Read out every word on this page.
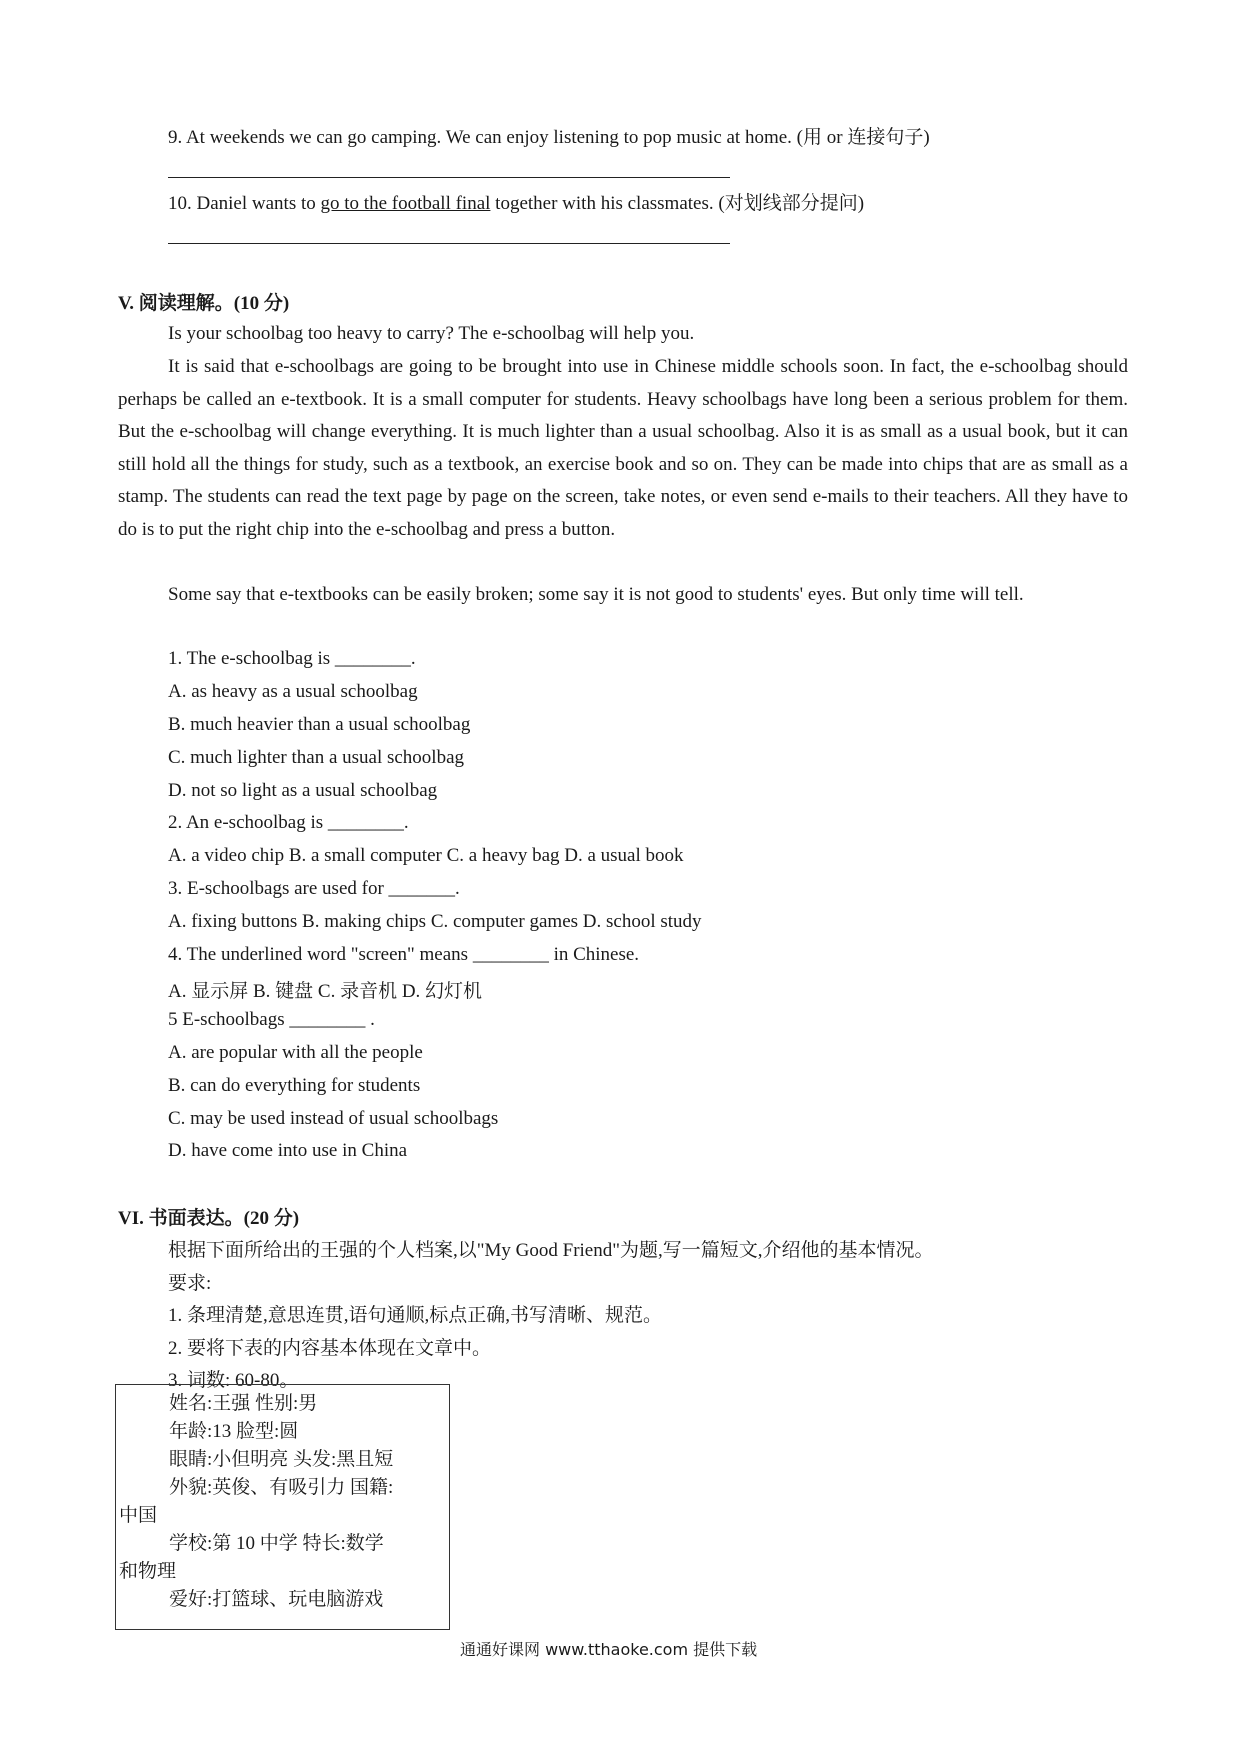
9. At weekends we can go camping. We can enjoy listening to pop music at home. (用 or 连接句子)
10. Daniel wants to go to the football final together with his classmates. (对划线部分提问)
V. 阅读理解。(10 分)
Is your schoolbag too heavy to carry? The e-schoolbag will help you.
It is said that e-schoolbags are going to be brought into use in Chinese middle schools soon. In fact, the e-schoolbag should perhaps be called an e-textbook. It is a small computer for students. Heavy schoolbags have long been a serious problem for them. But the e-schoolbag will change everything. It is much lighter than a usual schoolbag. Also it is as small as a usual book, but it can still hold all the things for study, such as a textbook, an exercise book and so on. They can be made into chips that are as small as a stamp. The students can read the text page by page on the screen, take notes, or even send e-mails to their teachers. All they have to do is to put the right chip into the e-schoolbag and press a button.
Some say that e-textbooks can be easily broken; some say it is not good to students' eyes. But only time will tell.
1. The e-schoolbag is ________.
A. as heavy as a usual schoolbag
B. much heavier than a usual schoolbag
C. much lighter than a usual schoolbag
D. not so light as a usual schoolbag
2. An e-schoolbag is ________.
A. a video chip B. a small computer C. a heavy bag D. a usual book
3. E-schoolbags are used for _______.
A. fixing buttons B. making chips C. computer games D. school study
4. The underlined word "screen" means ________ in Chinese.
A. 显示屏 B. 键盘 C. 录音机 D. 幻灯机
5 E-schoolbags ________ .
A. are popular with all the people
B. can do everything for students
C. may be used instead of usual schoolbags
D. have come into use in China
VI. 书面表达。(20 分)
根据下面所给出的王强的个人档案,以"My Good Friend"为题,写一篇短文,介绍他的基本情况。
要求:
1. 条理清楚,意思连贯,语句通顺,标点正确,书写清晰、规范。
2. 要将下表的内容基本体现在文章中。
3. 词数: 60-80。
姓名:王强 性别:男
年龄:13 脸型:圆
眼睛:小但明亮 头发:黑且短
外貌:英俊、有吸引力 国籍:
中国
学校:第 10 中学 特长:数学
和物理
爱好:打篮球、玩电脑游戏
通通好课网 www.tthaoke.com 提供下载
